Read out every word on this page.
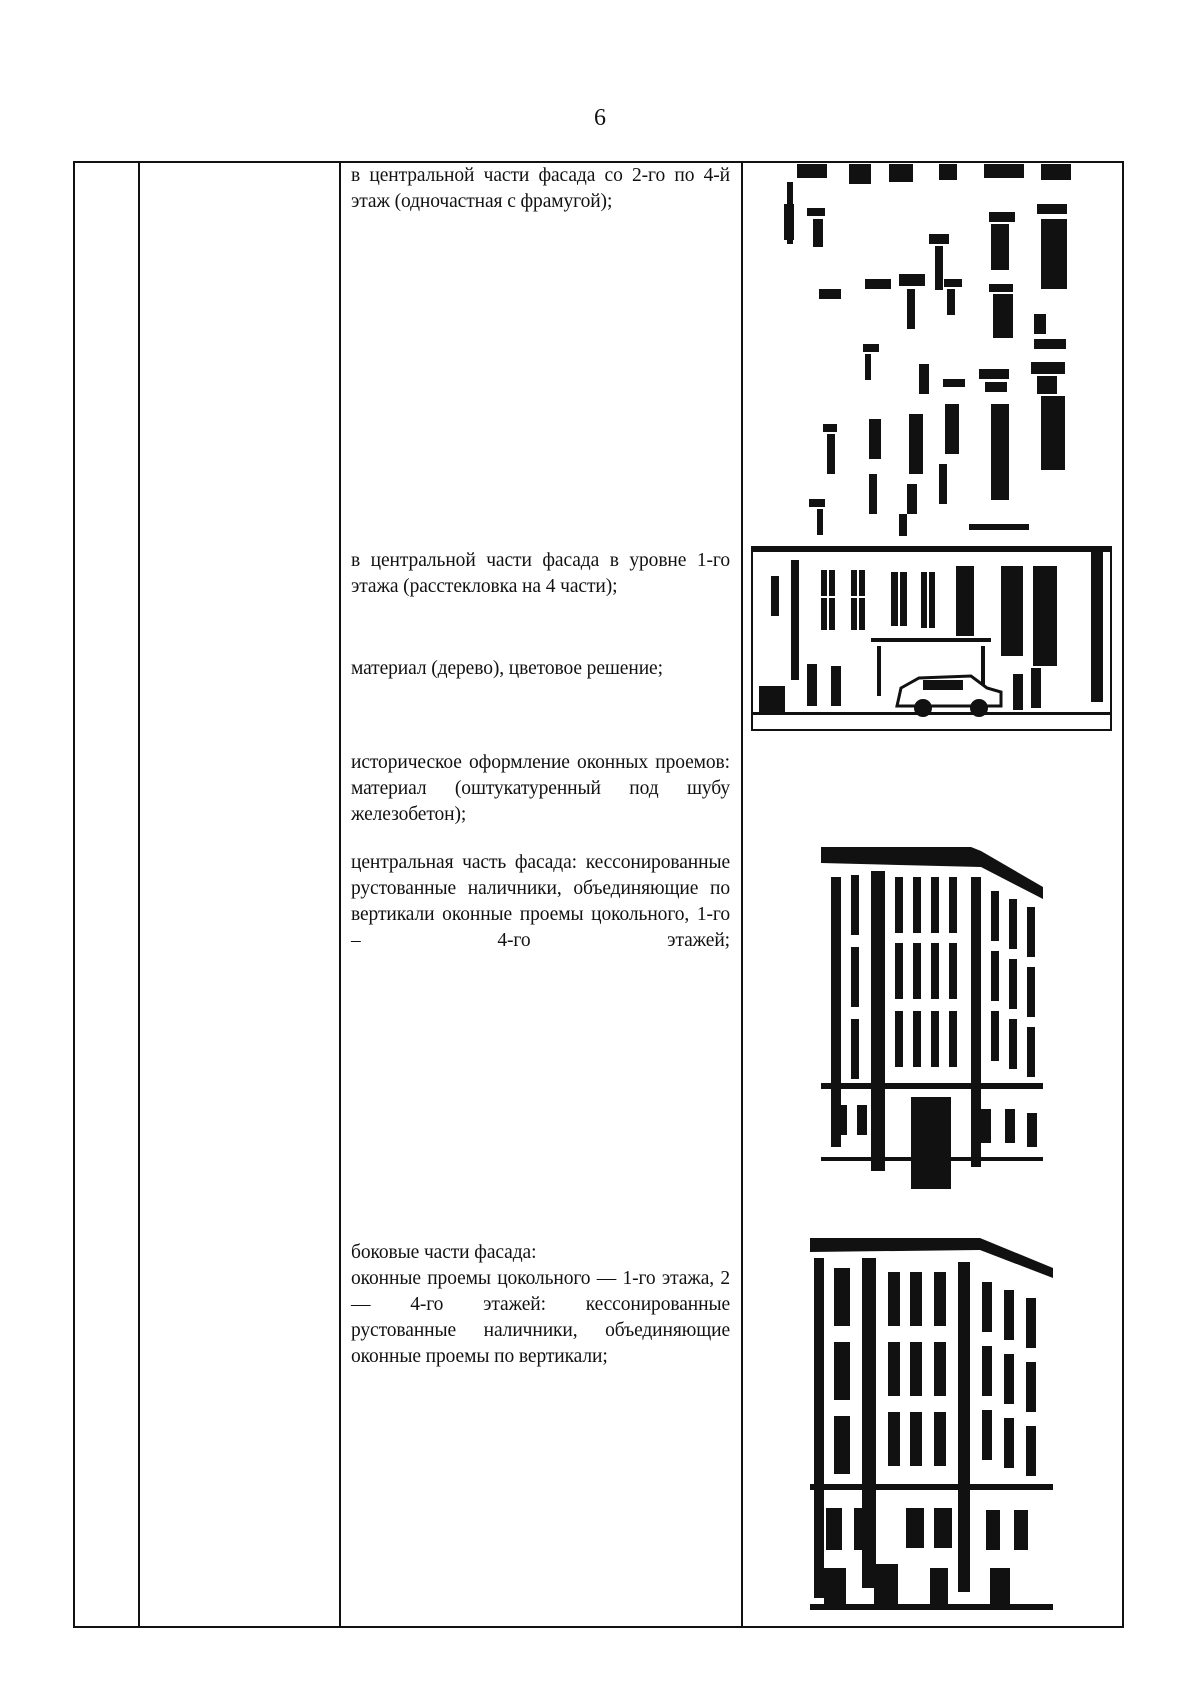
6
в центральной части фасада со 2-го по 4-й этаж (одночастная с фрамугой);
в центральной части фасада в уровне 1-го этажа (расстекловка на 4 части);
материал (дерево), цветовое решение;
историческое оформление оконных проемов: материал (оштукатуренный под шубу железобетон);
центральная часть фасада: кессонированные рустованные наличники, объединяющие по вертикали оконные проемы цокольного, 1-го – 4-го этажей;
боковые части фасада:
оконные проемы цокольного — 1-го этажа, 2 — 4-го этажей: кессонированные рустованные наличники, объединяющие оконные проемы по вертикали;
